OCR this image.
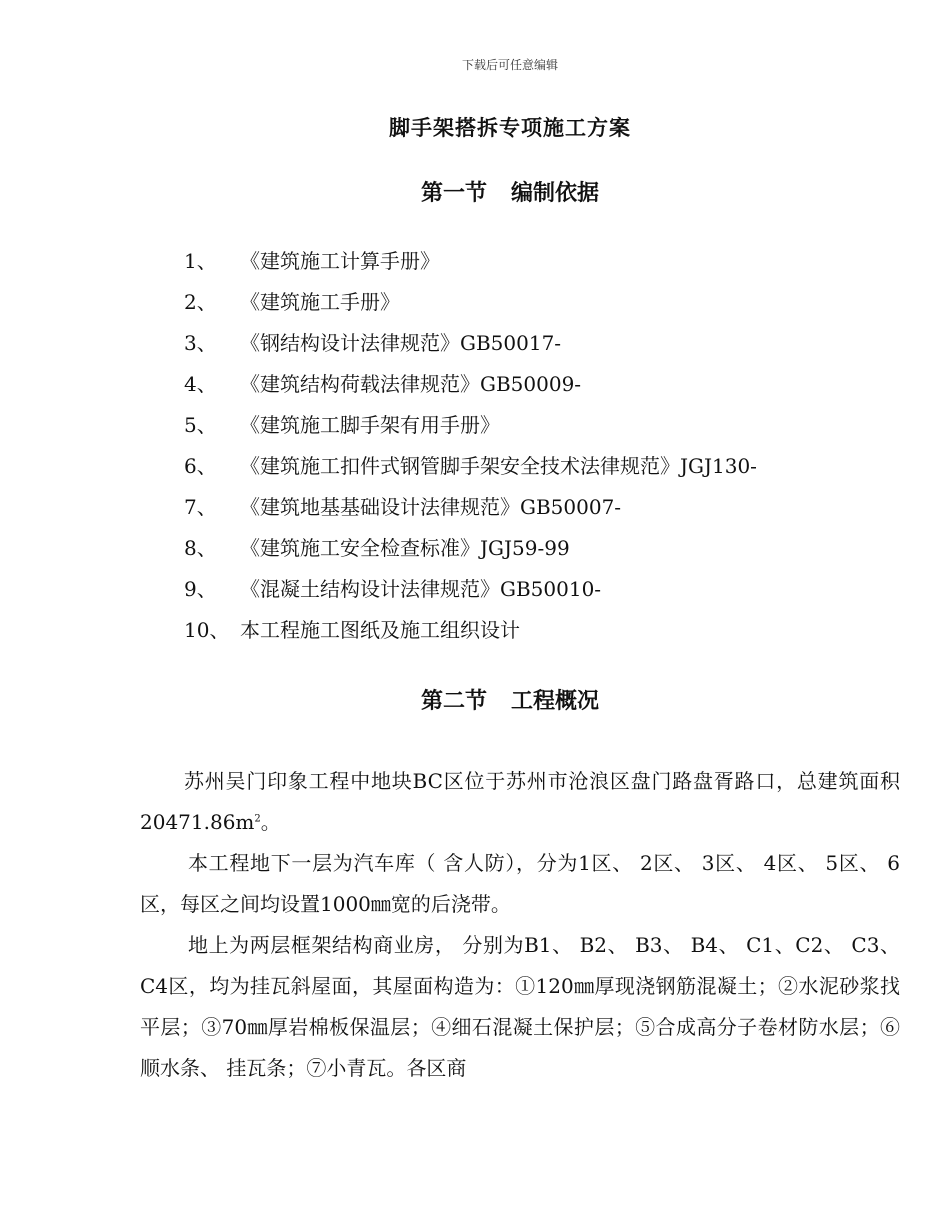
下载后可任意编辑
脚手架搭拆专项施工方案
第一节 编制依据
1、 《建筑施工计算手册》
2、 《建筑施工手册》
3、 《钢结构设计法律规范》GB50017-
4、 《建筑结构荷载法律规范》GB50009-
5、 《建筑施工脚手架有用手册》
6、 《建筑施工扣件式钢管脚手架安全技术法律规范》JGJ130-
7、 《建筑地基基础设计法律规范》GB50007-
8、 《建筑施工安全检查标准》JGJ59-99
9、 《混凝土结构设计法律规范》GB50010-
10、 本工程施工图纸及施工组织设计
第二节 工程概况

苏州吴门印象工程中地块BC区位于苏州市沧浪区盘门路盘胥路口，总建筑面积$20471.86m^2$。

本工程地下一层为汽车库（ 含人防），分为1区、 2区、 3区、 4区、 5区、 6区，每区之间均设置1000㎜宽的后浇带。

地上为两层框架结构商业房， 分别为B1、 B2、 B3、 B4、 C1、C2、 C3、 C4区，均为挂瓦斜屋面，其屋面构造为：①120㎜厚现浇钢筋混凝土；②水泥砂浆找平层；③70㎜厚岩棉板保温层；④细石混凝土保护层；⑤合成高分子卷材防水层；⑥顺水条、 挂瓦条；⑦小青瓦。各区商
